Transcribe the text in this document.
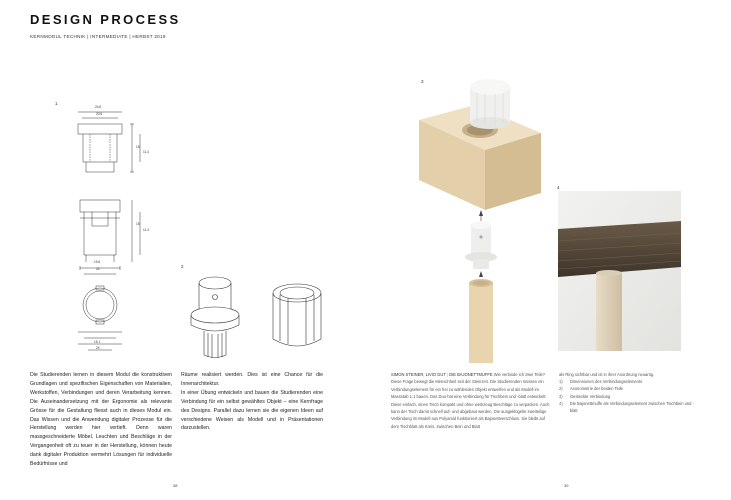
DESIGN PROCESS
KERNMODUL TECHNIK | INTERMEDIATE | HERBST 2019
1
2
3
4
24.6
20.6
15
11.4
19.6
24
15
11.4
15.1
24

Die Studierenden lernen in diesem Modul die konstruktiven Grundlagen und spezifischen Eigenschaften von Materialien, Werkstoffen, Verbindungen und deren Verarbeitung kennen. Die Auseinandersetzung mit der Ergonomie als relevante Grösse für die Gestaltung fliesst auch in dieses Modul ein. Das Wissen und die Anwendung digitaler Prozesse für die Herstellung werden hier vertieft. Denn waren massgeschneiderte Möbel, Leuchten und Beschläge in der Vergangenheit oft zu teuer in der Herstellung, können heute dank digitaler Produktion vermehrt Lösungen für individuelle Bedürfnisse und

Räume realisiert werden. Dies ist eine Chance für die Innenarchitektur.

In einer Übung entwickeln und bauen die Studierenden eine Verbindung für ein selbst gewähltes Objekt – eine Kernfrage des Designs. Parallel dazu lernen sie die eigenen Ideen auf verschiedene Weisen als Modell und in Präsentationen darzustellen.

38
SIMON STEINER, LIVIO GUT | DIE BAJONETTMUFFE Wie verbinde ich zwei Teile? Diese Frage bewegt die Menschheit seit der Steinzeit. Die Studierenden müssen ein Verbindungselement für ein frei zu wählendes Objekt entwerfen und als Modell im Massstab 1:1 bauen. Das Duo hat eine Verbindung für Tischbein und -blatt entwickelt. Diese einfach, einen Tisch kompakt und ohne werkzeug Beschläge zu verpacken. Auch kann der Tisch damit schnell auf- und abgebaut werden. Die ausgeklügelte zweiteilige Verbindung im Modell aus Polyamid funktioniert als Bajonettverschluss. Sie bleibt auf dem Tischblatt als Kreis, zwischen Bein und Blatt
als Ring sichtbar und ist in ihrer Anordnung neuartig.
1)	Dimensionen des Verbindungselements
2)	Axonometrie der beiden Teile
3)	Gesteckte Verbindung
4)	Die Bajonettmuffe als Verbindungselement zwischen Tischbein und -blatt
39
